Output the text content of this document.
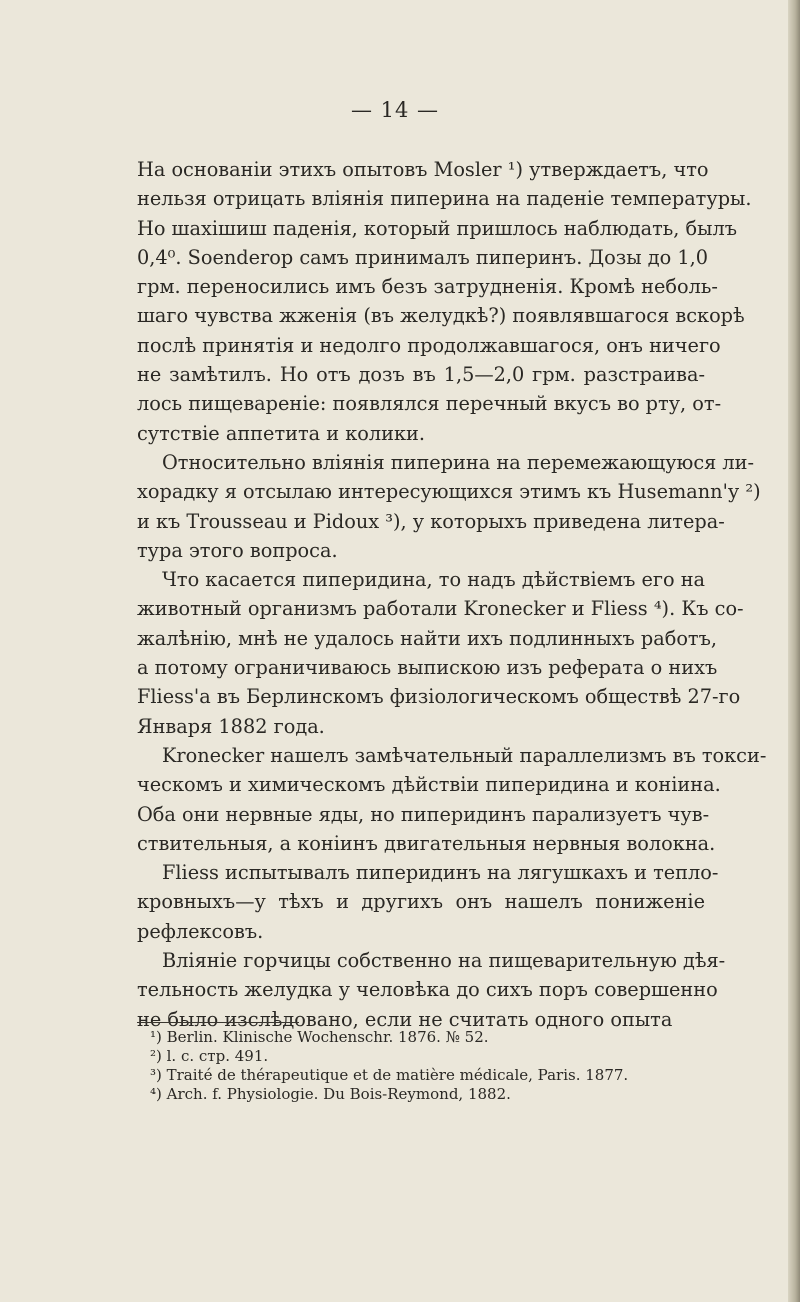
— 14 —
На основаніи этихъ опытовъ Mosler ¹) утверждаетъ, что
нельзя отрицать вліянія пиперина на паденіе температуры.
Но шахішиш паденія, который пришлось наблюдать, былъ
0,4⁰. Ѕоenderop самъ принималъ пиперинъ. Дозы до 1,0
грм. переносились имъ безъ затрудненія. Кромѣ неболь-
шаго чувства жженія (въ желудкѣ?) появлявшагося вскорѣ
послѣ принятія и недолго продолжавшагося, онъ ничего
не замѣтилъ. Но отъ дозъ въ 1,5—2,0 грм. разстраива-
лось пищевареніе: появлялся перечный вкусъ во рту, от-
сутствіе аппетита и колики.
Относительно вліянія пиперина на перемежающуюся ли-
хорадку я отсылаю интересующихся этимъ къ Husemann'у ²)
и къ Trousseau и Pidoux ³), у которыхъ приведена литера-
тура этого вопроса.
Что касается пиперидина, то надъ дѣйствіемъ его на
животный организмъ работали Kronecker и Fliess ⁴). Къ со-
жалѣнію, мнѣ не удалось найти ихъ подлинныхъ работъ,
а потому ограничиваюсь выпискою изъ реферата о нихъ
Fliess'a въ Берлинскомъ физіологическомъ обществѣ 27-го
Января 1882 года.
Kronecker нашелъ замѣчательный параллелизмъ въ токси-
ческомъ и химическомъ дѣйствіи пиперидина и коніина.
Оба они нервные яды, но пиперидинъ парализуетъ чув-
ствительныя, а коніинъ двигательныя нервныя волокна.
Fliess испытывалъ пиперидинъ на лягушкахъ и тепло-
кровныхъ—у тѣхъ и другихъ онъ нашелъ пониженіе
рефлексовъ.
Вліяніе горчицы собственно на пищеварительную дѣя-
тельность желудка у человѣка до сихъ поръ совершенно
не было изслѣдовано, если не считать одного опыта
¹) Berlin. Klinische Wochenschr. 1876. № 52.
²) l. c. стр. 491.
³) Traité de thérapeutique et de matière médicale, Paris. 1877.
⁴) Arch. f. Physiologie. Du Bois-Reymond, 1882.
